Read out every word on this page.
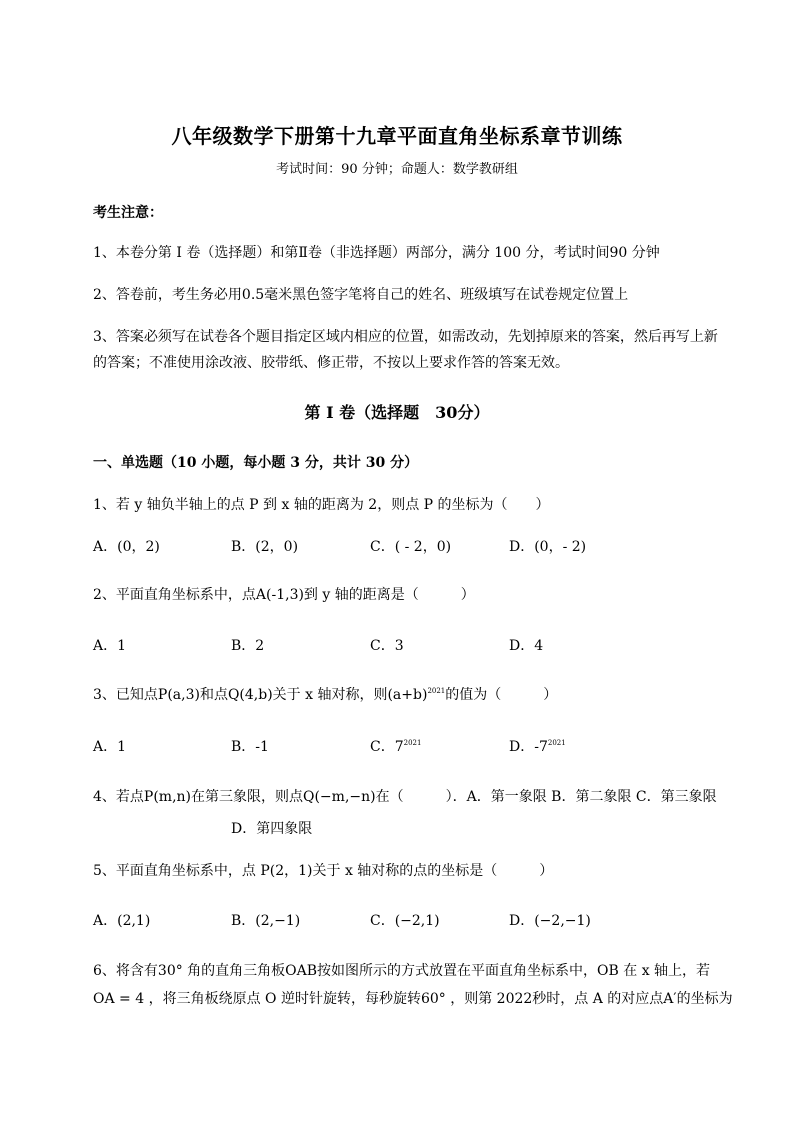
八年级数学下册第十九章平面直角坐标系章节训练
考试时间：90 分钟；命题人：数学教研组
考生注意：
1、本卷分第 I 卷（选择题）和第Ⅱ卷（非选择题）两部分，满分 100 分，考试时间90 分钟
2、答卷前，考生务必用0.5毫米黑色签字笔将自己的姓名、班级填写在试卷规定位置上
3、答案必须写在试卷各个题目指定区域内相应的位置，如需改动，先划掉原来的答案，然后再写上新
的答案；不准使用涂改液、胶带纸、修正带，不按以上要求作答的答案无效。
第 I 卷（选择题　30分）
一、单选题（10 小题，每小题 3 分，共计 30 分）
1、若 y 轴负半轴上的点 P 到 x 轴的距离为 2，则点 P 的坐标为（　　）
A．(0，2)	B．(2，0)	C．( - 2，0)	D．(0，- 2)
2、平面直角坐标系中，点A(-1,3)到 y 轴的距离是（　　　）
A．1	B．2	C．3	D．4
3、已知点P(a,3)和点Q(4,b)关于 x 轴对称，则$(a+b)^{2021}$的值为（　　　）
A．1	B．-1	C．$7^{2021}$	D．$-7^{2021}$
4、若点P(m,n)在第三象限，则点Q(−m,−n)在（　　　）．A．第一象限 B．第二象限 C．第三象限
D．第四象限
5、平面直角坐标系中，点 P(2，1)关于 x 轴对称的点的坐标是（　　　）
A．(2,1)	B．(2,−1)	C．(−2,1)	D．(−2,−1)
6、将含有30° 角的直角三角板OAB按如图所示的方式放置在平面直角坐标系中，OB 在 x 轴上，若
OA = 4 ，将三角板绕原点 O 逆时针旋转，每秒旋转60° ，则第 2022秒时，点 A 的对应点A′的坐标为
